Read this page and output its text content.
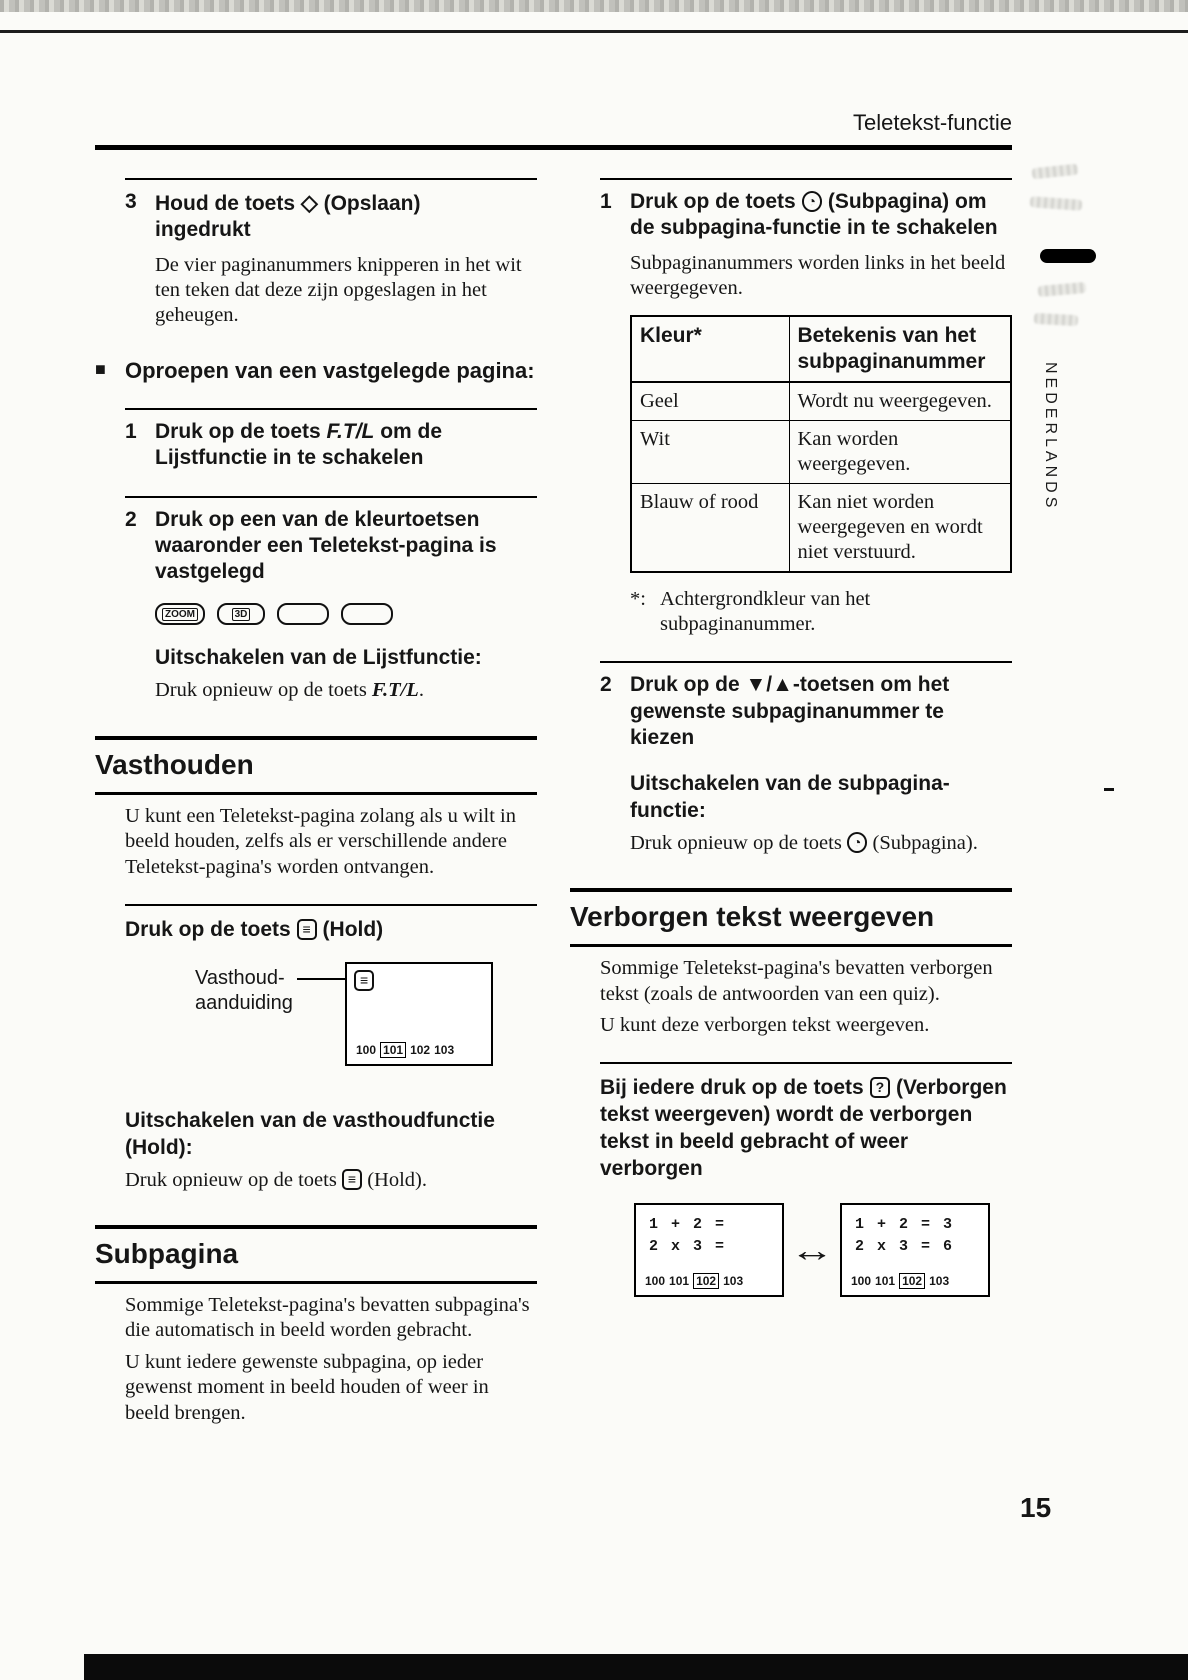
NEDERLANDS
15
Teletekst-functie
3 Houd de toets ◇ (Opslaan)
ingedrukt

De vier paginanummers knipperen in het wit ten teken dat deze zijn opgeslagen in het geheugen.

■ Oproepen van een vastgelegde pagina:
1 Druk op de toets F.T/L om de Lijstfunctie in te schakelen
2 Druk op een van de kleurtoetsen waaronder een Teletekst-pagina is vastgelegd
ZOOM	3D
Uitschakelen van de Lijstfunctie:

Druk opnieuw op de toets F.T/L.

Vasthouden

U kunt een Teletekst-pagina zolang als u wilt in beeld houden, zelfs als er verschillende andere Teletekst-pagina's worden ontvangen.

Druk op de toets ≡ (Hold)
Vasthoud-
aanduiding
≡
100 101 102 103
Uitschakelen van de vasthoudfunctie (Hold):

Druk opnieuw op de toets ≡ (Hold).

Subpagina

Sommige Teletekst-pagina's bevatten subpagina's die automatisch in beeld worden gebracht.

U kunt iedere gewenste subpagina, op ieder gewenst moment in beeld houden of weer in beeld brengen.

1 Druk op de toets ◔ (Subpagina) om de subpagina-functie in te schakelen

Subpaginanummers worden links in het beeld weergegeven.

Kleur*	Betekenis van het subpaginanummer
Geel	Wordt nu weergegeven.
Wit	Kan worden weergegeven.
Blauw of rood	Kan niet worden weergegeven en wordt niet verstuurd.
*: Achtergrondkleur van het subpaginanummer.
2 Druk op de ▼/▲-toetsen om het gewenste subpaginanummer te kiezen
Uitschakelen van de subpagina-functie:

Druk opnieuw op de toets ◔ (Subpagina).

Verborgen tekst weergeven

Sommige Teletekst-pagina's bevatten verborgen tekst (zoals de antwoorden van een quiz).

U kunt deze verborgen tekst weergeven.

Bij iedere druk op de toets ? (Verborgen tekst weergeven) wordt de verborgen tekst in beeld gebracht of weer verborgen
1 + 2 =
2 x 3 =
100 101 102 103
↔
1 + 2 = 3
2 x 3 = 6
100 101 102 103
